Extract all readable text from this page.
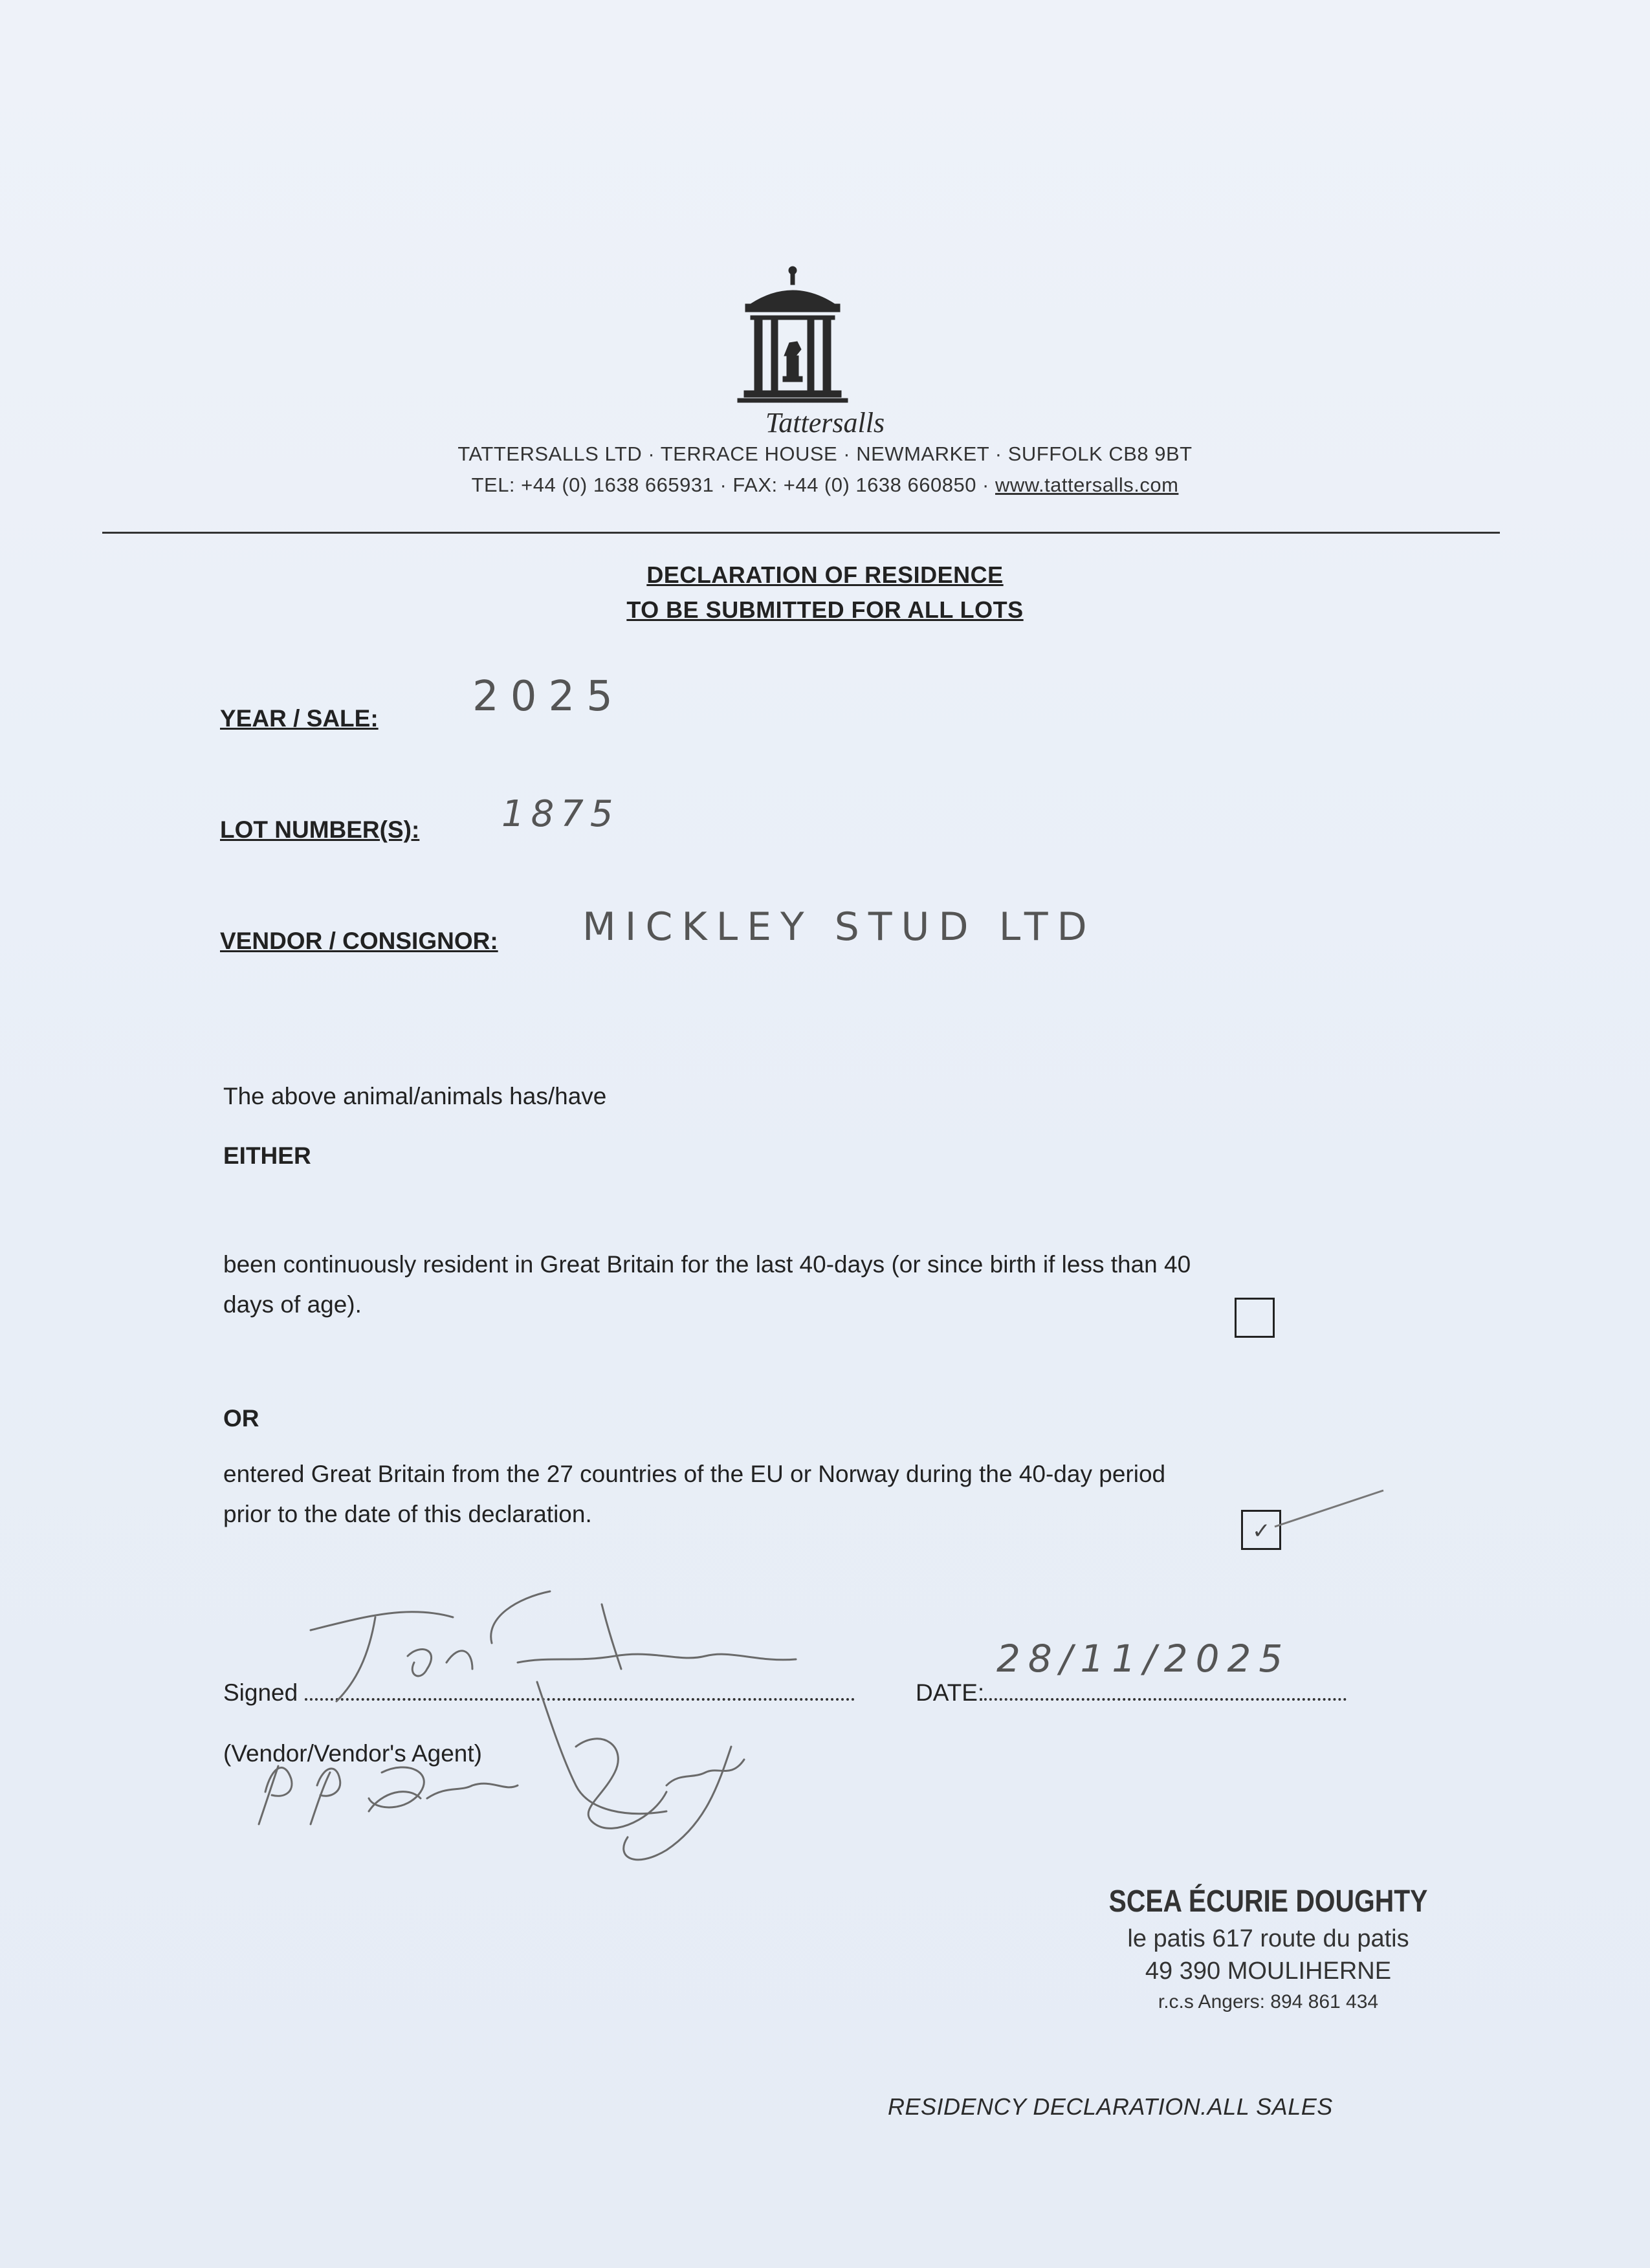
Tattersalls
TATTERSALLS LTD · TERRACE HOUSE · NEWMARKET · SUFFOLK CB8 9BT
TEL: +44 (0) 1638 665931 · FAX: +44 (0) 1638 660850 · www.tattersalls.com
DECLARATION OF RESIDENCE
TO BE SUBMITTED FOR ALL LOTS
YEAR / SALE: 2025
LOT NUMBER(S): 1875
VENDOR / CONSIGNOR: MICKLEY STUD LTD
The above animal/animals has/have
EITHER
been continuously resident in Great Britain for the last 40-days (or since birth if less than 40
days of age).
OR
entered Great Britain from the 27 countries of the EU or Norway during the 40-day period
prior to the date of this declaration.
✓
Signed	DATE:
28/11/2025
(Vendor/Vendor's Agent)
SCEA ÉCURIE DOUGHTY
le patis 617 route du patis
49 390 MOULIHERNE
r.c.s Angers: 894 861 434
RESIDENCY DECLARATION.ALL SALES
